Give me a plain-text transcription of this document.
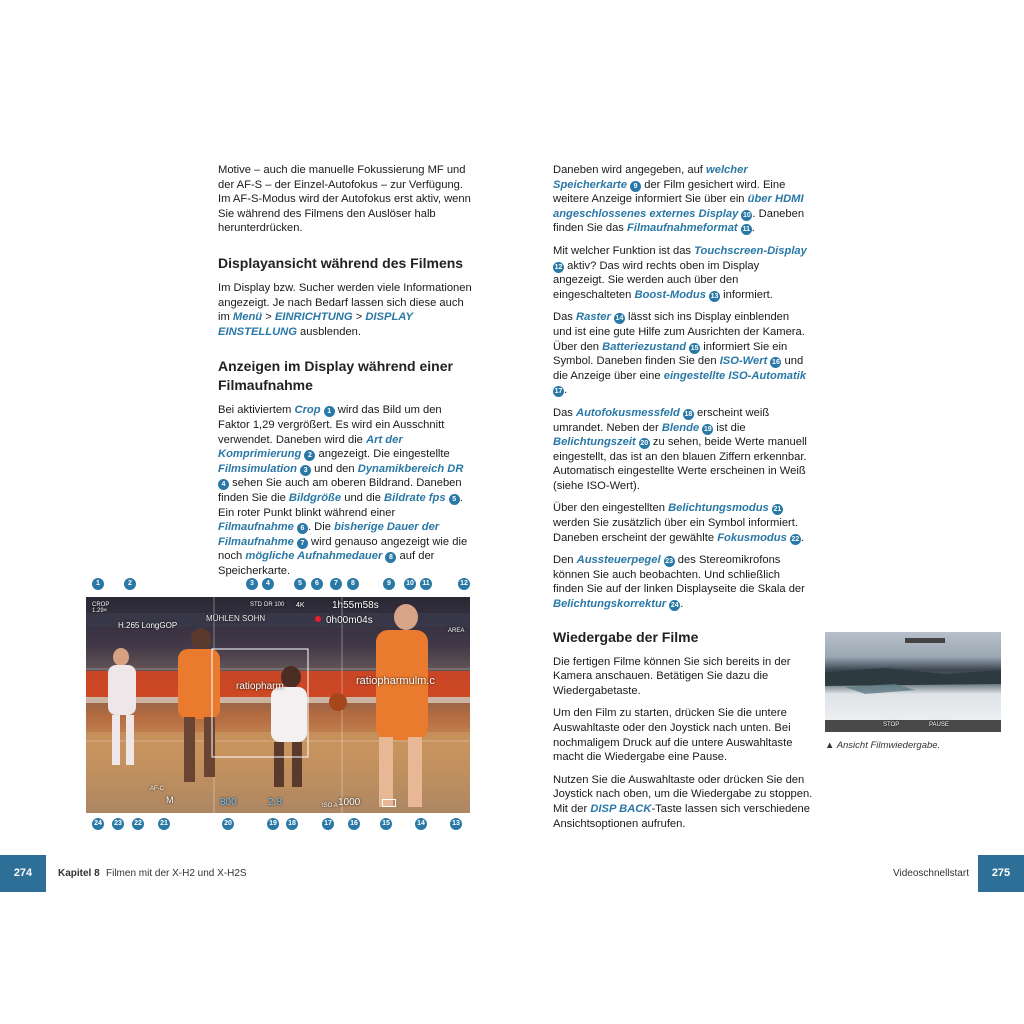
Motive – auch die manuelle Fokussierung MF und der AF-S – der Einzel-Autofokus – zur Verfügung. Im AF-S-Modus wird der Autofokus erst aktiv, wenn Sie während des Filmens den Auslöser halb herunterdrücken.

Displayansicht während des Filmens

Im Display bzw. Sucher werden viele Informationen angezeigt. Je nach Bedarf lassen sich diese auch im Menü > EINRICHTUNG > DISPLAY EINSTELLUNG ausblenden.

Anzeigen im Display während einer Filmaufnahme

Bei aktiviertem Crop 1 wird das Bild um den Faktor 1,29 vergrößert. Es wird ein Ausschnitt verwendet. Daneben wird die Art der Komprimierung 2 angezeigt. Die eingestellte Filmsimulation 3 und den Dynamikbereich DR 4 sehen Sie auch am oberen Bildrand. Daneben finden Sie die Bildgröße und die Bildrate fps 5 . Ein roter Punkt blinkt während einer Filmaufnahme 6 . Die bisherige Dauer der Filmaufnahme 7 wird genauso angezeigt wie die noch mögliche Aufnahmedauer 8 auf der Speicherkarte.

Daneben wird angegeben, auf welcher Speicherkarte 9 der Film gesichert wird. Eine weitere Anzeige informiert Sie über ein über HDMI angeschlossenes externes Display 10 . Daneben finden Sie das Filmaufnahmeformat 11 .

Mit welcher Funktion ist das Touchscreen-Display 12 aktiv? Das wird rechts oben im Display angezeigt. Sie werden auch über den eingeschalteten Boost-Modus 13 informiert.

Das Raster 14 lässt sich ins Display einblenden und ist eine gute Hilfe zum Ausrichten der Kamera. Über den Batteriezustand 15 informiert Sie ein Symbol. Daneben finden Sie den ISO-Wert 16 und die Anzeige über eine eingestellte ISO-Automatik 17 .

Das Autofokusmessfeld 18 erscheint weiß umrandet. Neben der Blende 19 ist die Belichtungszeit 20 zu sehen, beide Werte manuell eingestellt, das ist an den blauen Ziffern erkennbar. Automatisch eingestellte Werte erscheinen in Weiß (siehe ISO-Wert).

Über den eingestellten Belichtungsmodus 21 werden Sie zusätzlich über ein Symbol informiert. Daneben erscheint der gewählte Fokusmodus 22 .

Den Aussteuerpegel 23 des Stereomikrofons können Sie auch beobachten. Und schließlich finden Sie auf der linken Displayseite die Skala der Belichtungskorrektur 24 .

Wiedergabe der Filme

Die fertigen Filme können Sie sich bereits in der Kamera anschauen. Betätigen Sie dazu die Wiedergabetaste.

Um den Film zu starten, drücken Sie die untere Auswahltaste oder den Joystick nach unten. Bei nochmaligem Druck auf die untere Auswahltaste macht die Wiedergabe eine Pause.

Nutzen Sie die Auswahltaste oder drücken Sie den Joystick nach oben, um die Wiedergabe zu stoppen. Mit der DISP BACK-Taste lassen sich verschiedene Ansichtsoptionen aufrufen.

CROP
1.29×
H.265 LongGOP
STD DR 100 4K	1h55m58s
0h00m04s
MÜHLEN SOHN
ratiopharm	ratiopharmulm.c
AREA
AF-C
M	800	2.8	ISO A 1000
1	2	3	4	5	6	7	8	9	10	11	12
24	23	22	21	20	19	18	17	16	15	14	13
STOP	PAUSE
▲ Ansicht Filmwiedergabe.
274	Kapitel 8 Filmen mit der X-H2 und X-H2S	Videoschnellstart	275
